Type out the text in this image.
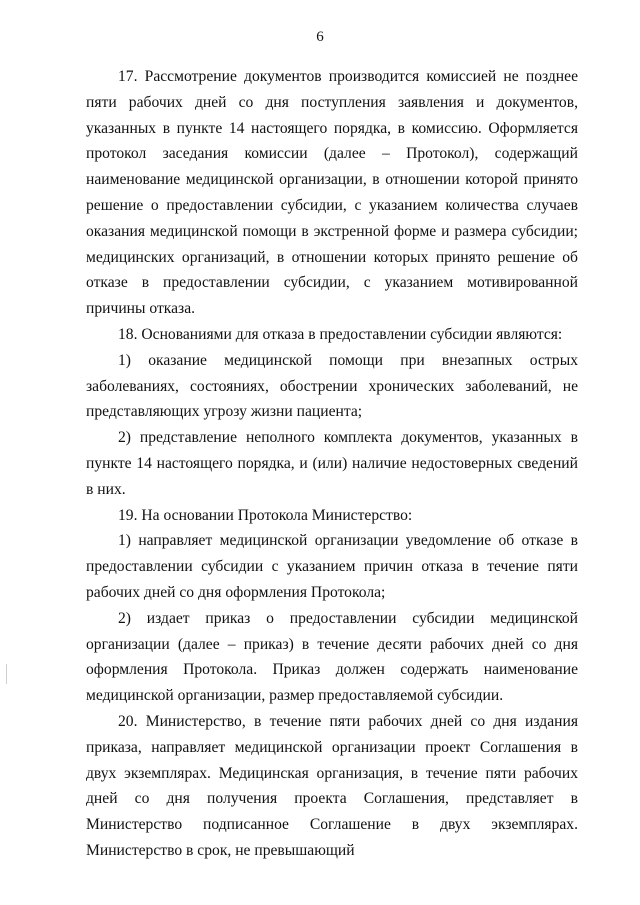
6

17. Рассмотрение документов производится комиссией не позднее пяти рабочих дней со дня поступления заявления и документов, указанных в пункте 14 настоящего порядка, в комиссию. Оформляется протокол заседания комиссии (далее – Протокол), содержащий наименование медицинской организации, в отношении которой принято решение о предоставлении субсидии, с указанием количества случаев оказания медицинской помощи в экстренной форме и размера субсидии; медицинских организаций, в отношении которых принято решение об отказе в предоставлении субсидии, с указанием мотивированной причины отказа.

18. Основаниями для отказа в предоставлении субсидии являются:

1) оказание медицинской помощи при внезапных острых заболеваниях, состояниях, обострении хронических заболеваний, не представляющих угрозу жизни пациента;

2) представление неполного комплекта документов, указанных в пункте 14 настоящего порядка, и (или) наличие недостоверных сведений в них.

19. На основании Протокола Министерство:

1) направляет медицинской организации уведомление об отказе в предоставлении субсидии с указанием причин отказа в течение пяти рабочих дней со дня оформления Протокола;

2) издает приказ о предоставлении субсидии медицинской организации (далее – приказ) в течение десяти рабочих дней со дня оформления Протокола. Приказ должен содержать наименование медицинской организации, размер предоставляемой субсидии.

20. Министерство, в течение пяти рабочих дней со дня издания приказа, направляет медицинской организации проект Соглашения в двух экземплярах. Медицинская организация, в течение пяти рабочих дней со дня получения проекта Соглашения, представляет в Министерство подписанное Соглашение в двух экземплярах. Министерство в срок, не превышающий
